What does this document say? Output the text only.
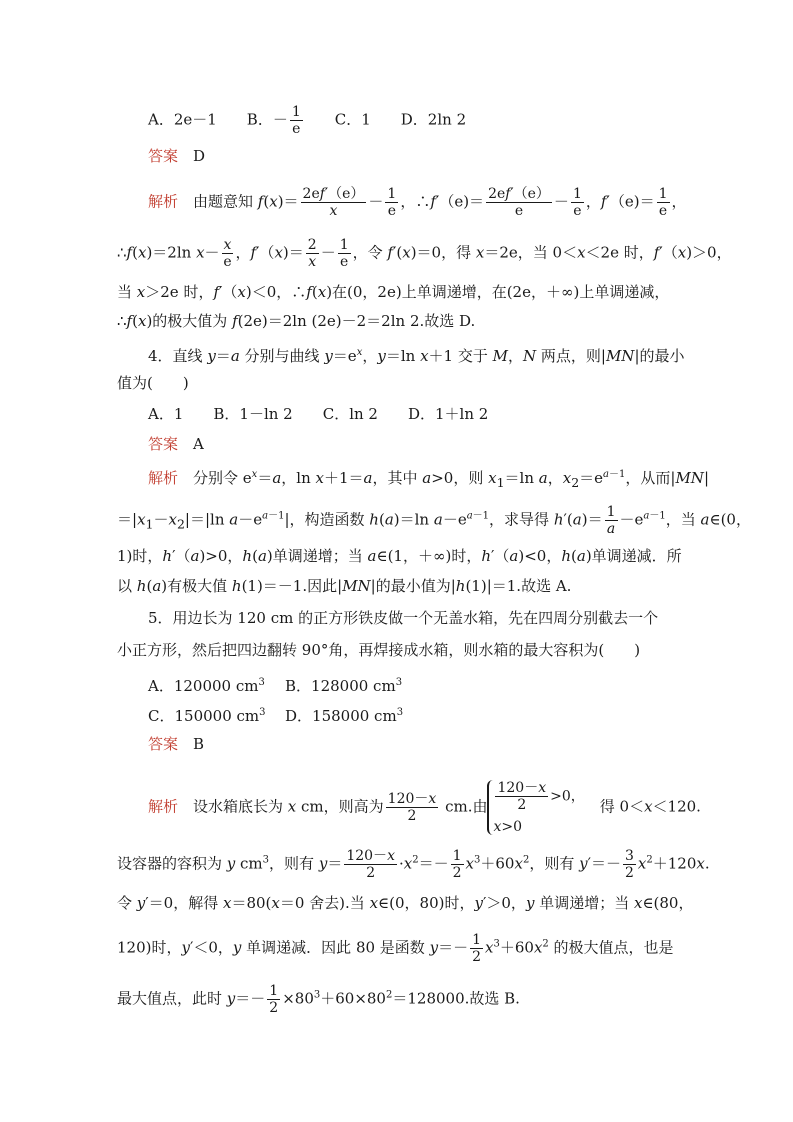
A．2e－1　　B．－ $\frac{1}{e}$ 　　C．1　　D．2ln 2
答案　 D
解析　由题意知 $f(x)= \frac{2ef'(e)}{x} - \frac{1}{e}$ ，∴f′（e)＝ $\frac{2ef'(e)}{e} - \frac{1}{e}$ ，$f'(e)= \frac{1}{e}$ ，
∴f(x)＝2ln $x- \frac{x}{e}$ ，$f'(x)= \frac{2}{x} - \frac{1}{e}$ ，令 f′(x)＝0，得 x＝2e，当 0＜x＜2e 时，f′（x)＞0，
当 x＞2e 时，f′（x)＜0，∴f(x)在(0，2e)上单调递增，在(2e，＋∞)上单调递减，
∴f(x)的极大值为 f(2e)＝2ln (2e)－2＝2ln 2.故选 D.
4．直线 y＝a 分别与曲线 $y=e^x$，y＝ln x＋1 交于 M，N 两点，则|MN|的最小
值为(　　)
A．1　　B．1－ln 2　　C．ln 2　　D．1＋ln 2
答案　 A
解析　分别令 $e^x=a$，ln x＋1＝a，其中 a>0，则 $x_1=\ln$ a，$x_2=e^{a-1}$，从而|MN|
$=|x_1-x_2|=|\ln$ $a-e^{a-1}|$，构造函数 h(a)＝ln $a-e^{a-1}$，求导得 $h'(a)= \frac{1}{a} -e^{a-1}$，当 a∈(0，
1)时，h′（a)>0，h(a)单调递增；当 a∈(1，＋∞)时，h′（a)<0，h(a)单调递减．所
以 h(a)有极大值 h(1)＝－1.因此|MN|的最小值为|h(1)|＝1.故选 A.
5．用边长为 120 cm 的正方形铁皮做一个无盖水箱，先在四周分别截去一个
小正方形，然后把四边翻转 90°角，再焊接成水箱，则水箱的最大容积为(　　)
A．120000 $cm^3$ B．128000 $cm^3$
C．150000 $cm^3$ D．158000 $cm^3$
答案　 B
解析　设水箱底长为 x cm，则高为 $\frac{120-x}{2}$ cm.由 $\frac{120-x}{2} >0$，
x>0
　得 0＜x＜120.
设容器的容积为 y $cm^3$，则有 $y= \frac{120-x}{2} \cdot x^2=- \frac{1}{2} x^3+60x^2$，则有 $y'=- \frac{3}{2} x^2+120x$.
令 y′＝0，解得 x＝80(x＝0 舍去).当 x∈(0，80)时，y′＞0，y 单调递增；当 x∈(80，
120)时，y′＜0，y 单调递减．因此 80 是函数 $y=- \frac{1}{2} x^3+60x^2$ 的极大值点，也是
最大值点，此时 $y=- \frac{1}{2} \times 80^3+60\times 80^2=128000$.故选 B.
